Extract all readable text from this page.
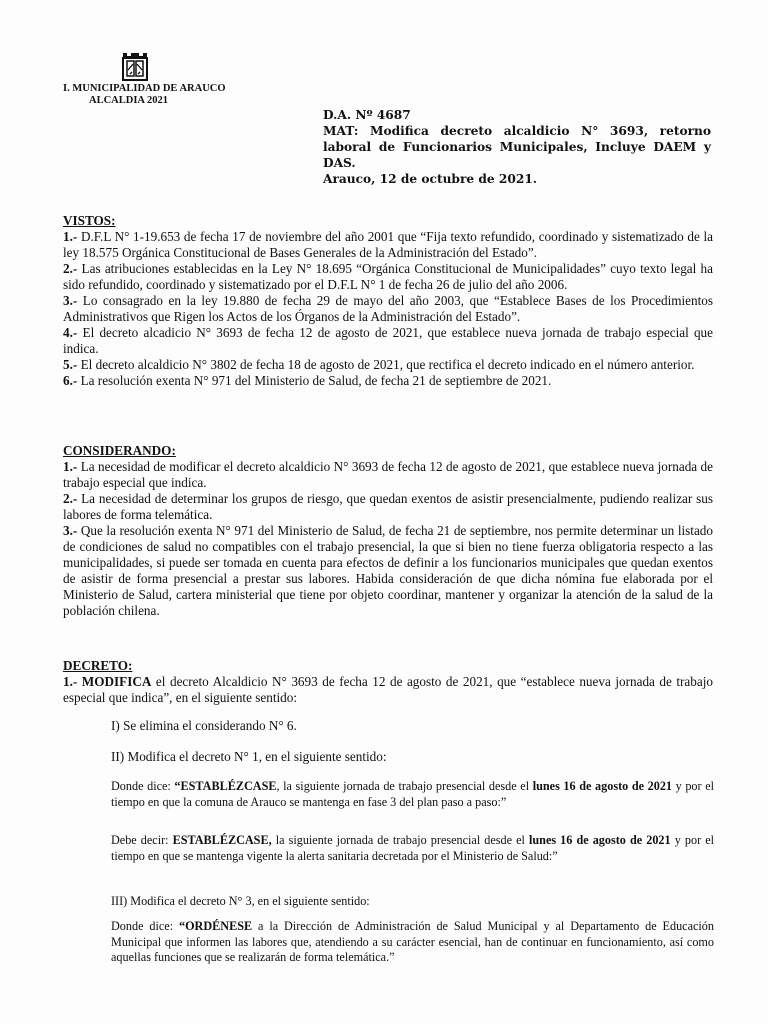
I. MUNICIPALIDAD DE ARAUCO
ALCALDIA 2021
D.A. Nº 4687
MAT: Modifica decreto alcaldicio N° 3693, retorno laboral de Funcionarios Municipales, Incluye DAEM y DAS.
Arauco, 12 de octubre de 2021.
VISTOS:

1.- D.F.L N° 1-19.653 de fecha 17 de noviembre del año 2001 que “Fija texto refundido, coordinado y sistematizado de la ley 18.575 Orgánica Constitucional de Bases Generales de la Administración del Estado”.

2.- Las atribuciones establecidas en la Ley N° 18.695 “Orgánica Constitucional de Municipalidades” cuyo texto legal ha sido refundido, coordinado y sistematizado por el D.F.L N° 1 de fecha 26 de julio del año 2006.

3.- Lo consagrado en la ley 19.880 de fecha 29 de mayo del año 2003, que “Establece Bases de los Procedimientos Administrativos que Rigen los Actos de los Órganos de la Administración del Estado”.

4.- El decreto alcadicio N° 3693 de fecha 12 de agosto de 2021, que establece nueva jornada de trabajo especial que indica.

5.- El decreto alcaldicio N° 3802 de fecha 18 de agosto de 2021, que rectifica el decreto indicado en el número anterior.

6.- La resolución exenta N° 971 del Ministerio de Salud, de fecha 21 de septiembre de 2021.

CONSIDERANDO:

1.- La necesidad de modificar el decreto alcaldicio N° 3693 de fecha 12 de agosto de 2021, que establece nueva jornada de trabajo especial que indica.

2.- La necesidad de determinar los grupos de riesgo, que quedan exentos de asistir presencialmente, pudiendo realizar sus labores de forma telemática.

3.- Que la resolución exenta N° 971 del Ministerio de Salud, de fecha 21 de septiembre, nos permite determinar un listado de condiciones de salud no compatibles con el trabajo presencial, la que si bien no tiene fuerza obligatoria respecto a las municipalidades, si puede ser tomada en cuenta para efectos de definir a los funcionarios municipales que quedan exentos de asistir de forma presencial a prestar sus labores. Habida consideración de que dicha nómina fue elaborada por el Ministerio de Salud, cartera ministerial que tiene por objeto coordinar, mantener y organizar la atención de la salud de la población chilena.

DECRETO:

1.- MODIFICA el decreto Alcaldicio N° 3693 de fecha 12 de agosto de 2021, que “establece nueva jornada de trabajo especial que indica”, en el siguiente sentido:

I) Se elimina el considerando N° 6.
II) Modifica el decreto N° 1, en el siguiente sentido:
Donde dice: “ESTABLÉZCASE, la siguiente jornada de trabajo presencial desde el lunes 16 de agosto de 2021 y por el tiempo en que la comuna de Arauco se mantenga en fase 3 del plan paso a paso:”
Debe decir: ESTABLÉZCASE, la siguiente jornada de trabajo presencial desde el lunes 16 de agosto de 2021 y por el tiempo en que se mantenga vigente la alerta sanitaria decretada por el Ministerio de Salud:”
III) Modifica el decreto N° 3, en el siguiente sentido:
Donde dice: “ORDÉNESE a la Dirección de Administración de Salud Municipal y al Departamento de Educación Municipal que informen las labores que, atendiendo a su carácter esencial, han de continuar en funcionamiento, así como aquellas funciones que se realizarán de forma telemática.”
